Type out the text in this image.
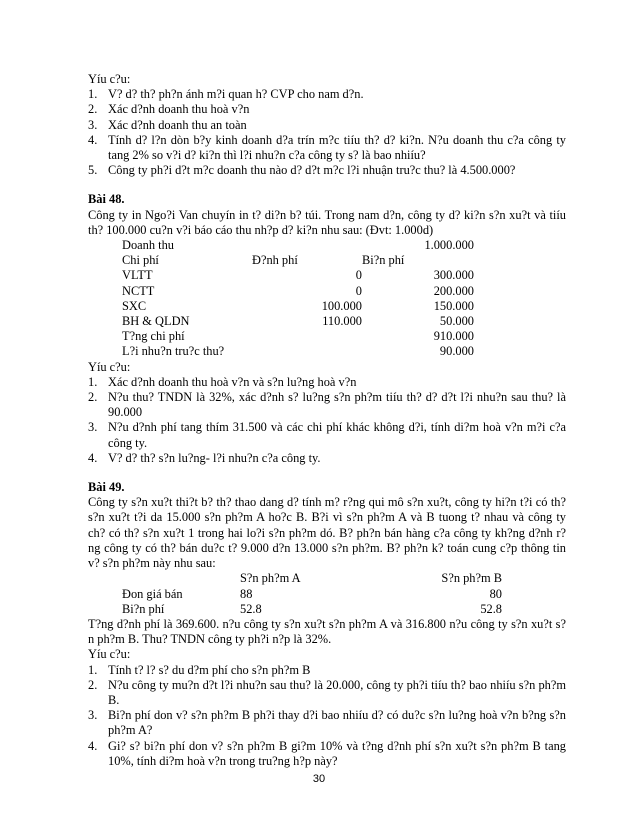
Yíu c?u:
1. V? d? th? ph?n ánh m?i quan h? CVP cho nam d?n.
2. Xác d?nh doanh thu hoà v?n
3. Xác d?nh doanh thu an toàn
4. Tính d? l?n dòn b?y kinh doanh d?a trín m?c tiíu th? d? ki?n. N?u doanh thu c?a công ty
tang 2% so v?i d? ki?n thì l?i nhu?n c?a công ty s? là bao nhiíu?
5. Công ty ph?i d?t m?c doanh thu nào d? d?t m?c l?i nhuận tru?c thu? là 4.500.000?
Bài 48.
Công ty in Ngo?i Van chuyín in t? di?n b? túi. Trong nam d?n, công ty d? ki?n s?n xu?t và tiíu
th? 100.000 cu?n v?i báo cáo thu nh?p d? ki?n nhu sau: (Đvt: 1.000d)
Doanh thu		1.000.000
Chi phí	Đ?nh phí	Bi?n phí
VLTT	0	300.000
NCTT	0	200.000
SXC	100.000	150.000
BH & QLDN	110.000	50.000
T?ng chi phí		910.000
L?i nhu?n tru?c thu?		90.000
Yíu c?u:
1. Xác d?nh doanh thu hoà v?n và s?n lu?ng hoà v?n
2. N?u thu? TNDN là 32%, xác d?nh s? lu?ng s?n ph?m tiíu th? d? d?t l?i nhu?n sau thu? là
90.000
3. N?u d?nh phí tang thím 31.500 và các chi phí khác không d?i, tính di?m hoà v?n m?i c?a
công ty.
4. V? d? th? s?n lu?ng- l?i nhu?n c?a công ty.
Bài 49.
Công ty s?n xu?t thi?t b? th? thao dang d? tính m? r?ng qui mô s?n xu?t, công ty hi?n t?i có th?
s?n xu?t t?i da 15.000 s?n ph?m A ho?c B. B?i vì s?n ph?m A và B tuong t? nhau và công ty
ch? có th? s?n xu?t 1 trong hai lo?i s?n ph?m dó. B? ph?n bán hàng c?a công ty kh?ng d?nh r?
ng công ty có th? bán du?c t? 9.000 d?n 13.000 s?n ph?m. B? ph?n k? toán cung c?p thông tin
v? s?n ph?m này nhu sau:
	S?n ph?m A	S?n ph?m B
Ðon giá bán	88	80
Bi?n phí	52.8	52.8
T?ng d?nh phí là 369.600. n?u công ty s?n xu?t s?n ph?m A và 316.800 n?u công ty s?n xu?t s?
n ph?m B. Thu? TNDN công ty ph?i n?p là 32%.
Yíu c?u:
1. Tính t? l? s? du d?m phí cho s?n ph?m B
2. N?u công ty mu?n d?t l?i nhu?n sau thu? là 20.000, công ty ph?i tiíu th? bao nhiíu s?n ph?m
B.
3. Bi?n phí don v? s?n ph?m B ph?i thay d?i bao nhiíu d? có du?c s?n lu?ng hoà v?n b?ng s?n
ph?m A?
4. Gi? s? bi?n phí don v? s?n ph?m B gi?m 10% và t?ng d?nh phí s?n xu?t s?n ph?m B tang
10%, tính di?m hoà v?n trong tru?ng h?p này?
30
